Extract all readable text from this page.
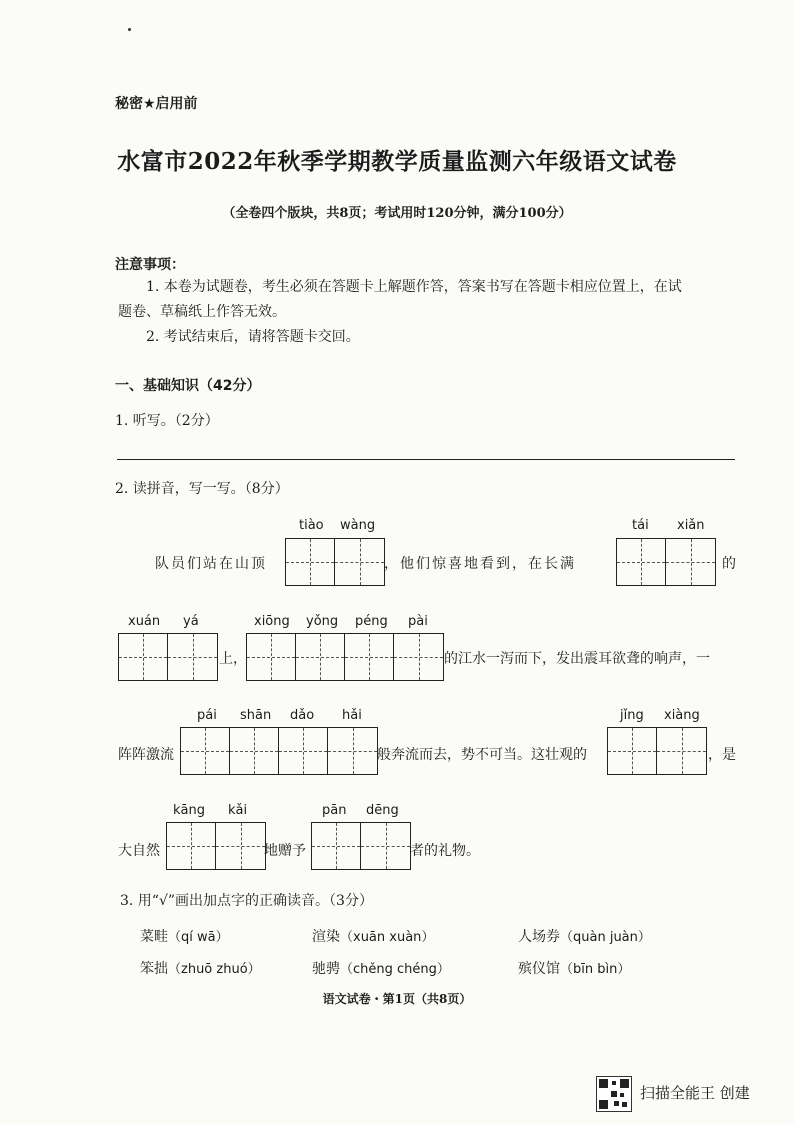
秘密★启用前
水富市2022年秋季学期教学质量监测六年级语文试卷
（全卷四个版块，共8页；考试用时120分钟，满分100分）
注意事项：
1. 本卷为试题卷，考生必须在答题卡上解题作答，答案书写在答题卡相应位置上，在试
题卷、草稿纸上作答无效。
2. 考试结束后，请将答题卡交回。
一、基础知识（42分）
1. 听写。（2分）
2. 读拼音，写一写。（8分）
tiào wàng
队员们站在山顶	，他们惊喜地看到，在长满
tái xiǎn
的
xuán yá
上，
xiōng yǒng péng pài
的江水一泻而下，发出震耳欲聋的响声，一
pái shān dǎo hǎi
阵阵激流	般奔流而去，势不可当。这壮观的
jǐng xiàng
，是
kāng kǎi
大自然	地赠予
pān dēng
者的礼物。
3. 用“√”画出加点字的正确读音。（3分）
菜畦（qí wā）	渲染（xuān xuàn）	人场券（quàn juàn）
笨拙（zhuō zhuó）	驰骋（chěng chéng）	殡仪馆（bīn bìn）
语文试卷・第1页（共8页）
扫描全能王 创建
